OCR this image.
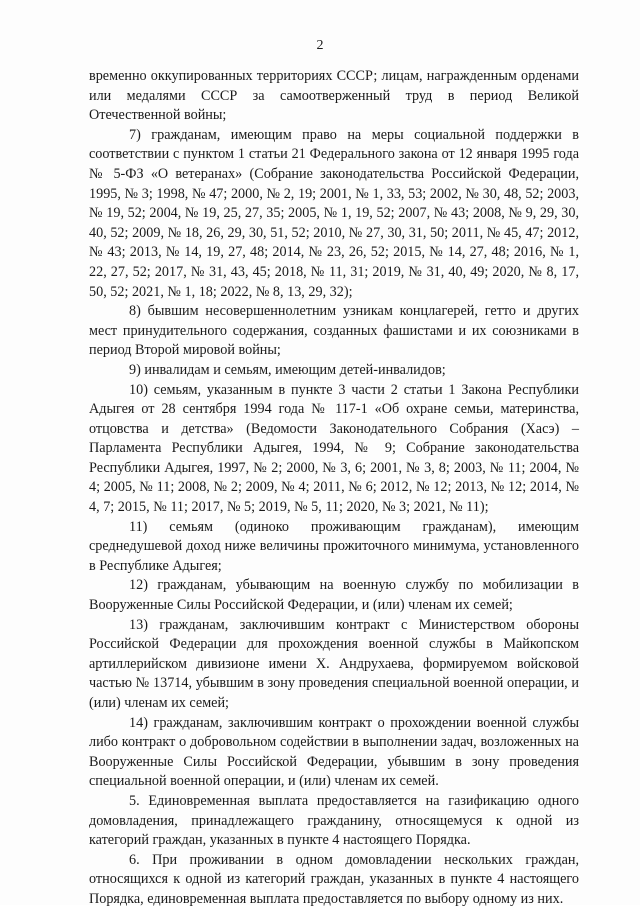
2

временно оккупированных территориях СССР; лицам, награжденным орденами или медалями СССР за самоотверженный труд в период Великой Отечественной войны;

7) гражданам, имеющим право на меры социальной поддержки в соответствии с пунктом 1 статьи 21 Федерального закона от 12 января 1995 года № 5-ФЗ «О ветеранах» (Собрание законодательства Российской Федерации, 1995, № 3; 1998, № 47; 2000, № 2, 19; 2001, № 1, 33, 53; 2002, № 30, 48, 52; 2003, № 19, 52; 2004, № 19, 25, 27, 35; 2005, № 1, 19, 52; 2007, № 43; 2008, № 9, 29, 30, 40, 52; 2009, № 18, 26, 29, 30, 51, 52; 2010, № 27, 30, 31, 50; 2011, № 45, 47; 2012, № 43; 2013, № 14, 19, 27, 48; 2014, № 23, 26, 52; 2015, № 14, 27, 48; 2016, № 1, 22, 27, 52; 2017, № 31, 43, 45; 2018, № 11, 31; 2019, № 31, 40, 49; 2020, № 8, 17, 50, 52; 2021, № 1, 18; 2022, № 8, 13, 29, 32);

8) бывшим несовершеннолетним узникам концлагерей, гетто и других мест принудительного содержания, созданных фашистами и их союзниками в период Второй мировой войны;

9) инвалидам и семьям, имеющим детей-инвалидов;

10) семьям, указанным в пункте 3 части 2 статьи 1 Закона Республики Адыгея от 28 сентября 1994 года № 117-1 «Об охране семьи, материнства, отцовства и детства» (Ведомости Законодательного Собрания (Хасэ) – Парламента Республики Адыгея, 1994, № 9; Собрание законодательства Республики Адыгея, 1997, № 2; 2000, № 3, 6; 2001, № 3, 8; 2003, № 11; 2004, № 4; 2005, № 11; 2008, № 2; 2009, № 4; 2011, № 6; 2012, № 12; 2013, № 12; 2014, № 4, 7; 2015, № 11; 2017, № 5; 2019, № 5, 11; 2020, № 3; 2021, № 11);

11) семьям (одиноко проживающим гражданам), имеющим среднедушевой доход ниже величины прожиточного минимума, установленного в Республике Адыгея;

12) гражданам, убывающим на военную службу по мобилизации в Вооруженные Силы Российской Федерации, и (или) членам их семей;

13) гражданам, заключившим контракт с Министерством обороны Российской Федерации для прохождения военной службы в Майкопском артиллерийском дивизионе имени Х. Андрухаева, формируемом войсковой частью № 13714, убывшим в зону проведения специальной военной операции, и (или) членам их семей;

14) гражданам, заключившим контракт о прохождении военной службы либо контракт о добровольном содействии в выполнении задач, возложенных на Вооруженные Силы Российской Федерации, убывшим в зону проведения специальной военной операции, и (или) членам их семей.

5. Единовременная выплата предоставляется на газификацию одного домовладения, принадлежащего гражданину, относящемуся к одной из категорий граждан, указанных в пункте 4 настоящего Порядка.

6. При проживании в одном домовладении нескольких граждан, относящихся к одной из категорий граждан, указанных в пункте 4 настоящего Порядка, единовременная выплата предоставляется по выбору одному из них.
